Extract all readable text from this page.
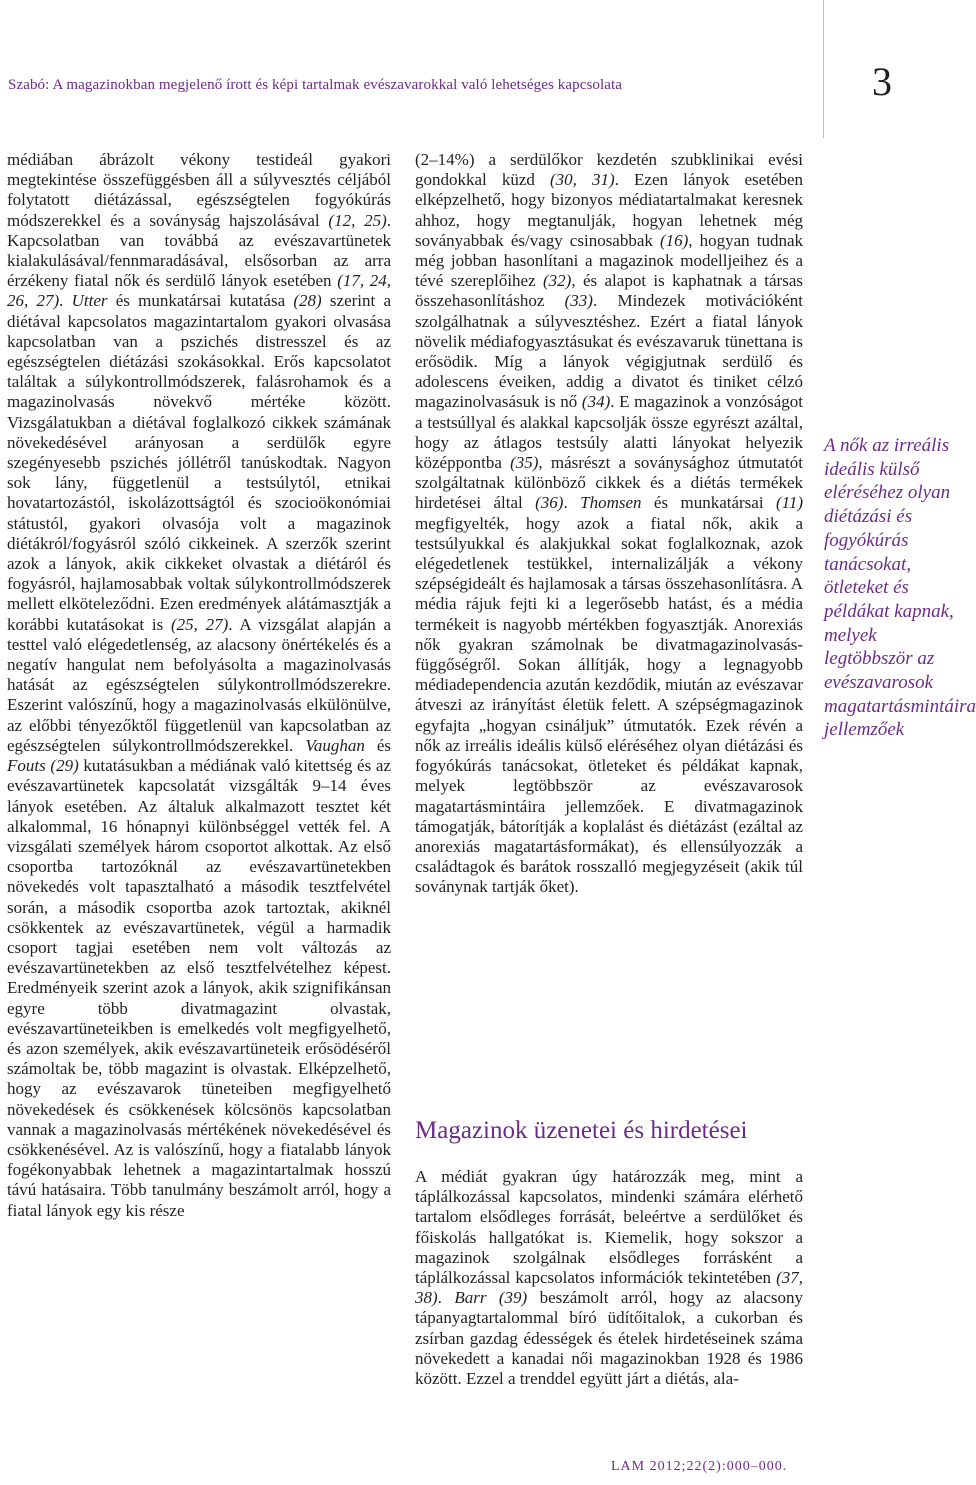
Szabó: A magazinokban megjelenő írott és képi tartalmak evészavarokkal való lehetséges kapcsolata	3

médiában ábrázolt vékony testideál gyakori megtekintése összefüggésben áll a súlyvesztés céljából folytatott diétázással, egészségtelen fogyókúrás módszerekkel és a soványság hajszolásával (12, 25). Kapcsolatban van továbbá az evészavartünetek kialakulásával/fennmaradásával, elsősorban az arra érzékeny fiatal nők és serdülő lányok esetében (17, 24, 26, 27). Utter és munkatársai kutatása (28) szerint a diétával kapcsolatos magazintartalom gyakori olvasása kapcsolatban van a pszichés distresszel és az egészségtelen diétázási szokásokkal. Erős kapcsolatot találtak a súlykontrollmódszerek, falásrohamok és a magazinolvasás növekvő mértéke között. Vizsgálatukban a diétával foglalkozó cikkek számának növekedésével arányosan a serdülők egyre szegényesebb pszichés jóllétről tanúskodtak. Nagyon sok lány, függetlenül a testsúlytól, etnikai hovatartozástól, iskolázottságtól és szocioökonómiai státustól, gyakori olvasója volt a magazinok diétákról/fogyásról szóló cikkeinek. A szerzők szerint azok a lányok, akik cikkeket olvastak a diétáról és fogyásról, hajlamosabbak voltak súlykontrollmódszerek mellett elköteleződni. Ezen eredmények alátámasztják a korábbi kutatásokat is (25, 27). A vizsgálat alapján a testtel való elégedetlenség, az alacsony önértékelés és a negatív hangulat nem befolyásolta a magazinolvasás hatását az egészségtelen súlykontrollmódszerekre. Eszerint valószínű, hogy a magazinolvasás elkülönülve, az előbbi tényezőktől függetlenül van kapcsolatban az egészségtelen súlykontrollmódszerekkel. Vaughan és Fouts (29) kutatásukban a médiának való kitettség és az evészavartünetek kapcsolatát vizsgálták 9–14 éves lányok esetében. Az általuk alkalmazott tesztet két alkalommal, 16 hónapnyi különbséggel vették fel. A vizsgálati személyek három csoportot alkottak. Az első csoportba tartozóknál az evészavartünetekben növekedés volt tapasztalható a második tesztfelvétel során, a második csoportba azok tartoztak, akiknél csökkentek az evészavartünetek, végül a harmadik csoport tagjai esetében nem volt változás az evészavartünetekben az első tesztfelvételhez képest. Eredményeik szerint azok a lányok, akik szignifikánsan egyre több divatmagazint olvastak, evészavartüneteikben is emelkedés volt megfigyelhető, és azon személyek, akik evészavartüneteik erősödéséről számoltak be, több magazint is olvastak. Elképzelhető, hogy az evészavarok tüneteiben megfigyelhető növekedések és csökkenések kölcsönös kapcsolatban vannak a magazinolvasás mértékének növekedésével és csökkenésével. Az is valószínű, hogy a fiatalabb lányok fogékonyabbak lehetnek a magazintartalmak hosszú távú hatásaira. Több tanulmány beszámolt arról, hogy a fiatal lányok egy kis része

(2–14%) a serdülőkor kezdetén szubklinikai evési gondokkal küzd (30, 31). Ezen lányok esetében elképzelhető, hogy bizonyos médiatartalmakat keresnek ahhoz, hogy megtanulják, hogyan lehetnek még soványabbak és/vagy csinosabbak (16), hogyan tudnak még jobban hasonlítani a magazinok modelljeihez és a tévé szereplőihez (32), és alapot is kaphatnak a társas összehasonlításhoz (33). Mindezek motivációként szolgálhatnak a súlyvesztéshez. Ezért a fiatal lányok növelik médiafogyasztásukat és evészavaruk tünettana is erősödik. Míg a lányok végigjutnak serdülő és adolescens éveiken, addig a divatot és tiniket célzó magazinolvasásuk is nő (34). E magazinok a vonzóságot a testsúllyal és alakkal kapcsolják össze egyrészt azáltal, hogy az átlagos testsúly alatti lányokat helyezik középpontba (35), másrészt a soványsághoz útmutatót szolgáltatnak különböző cikkek és a diétás termékek hirdetései által (36). Thomsen és munkatársai (11) megfigyelték, hogy azok a fiatal nők, akik a testsúlyukkal és alakjukkal sokat foglalkoznak, azok elégedetlenek testükkel, internalizálják a vékony szépségideált és hajlamosak a társas összehasonlításra. A média rájuk fejti ki a legerősebb hatást, és a média termékeit is nagyobb mértékben fogyasztják. Anorexiás nők gyakran számolnak be divatmagazinolvasás-függőségről. Sokan állítják, hogy a legnagyobb médiadependencia azután kezdődik, miután az evészavar átveszi az irányítást életük felett. A szépségmagazinok egyfajta „hogyan csináljuk” útmutatók. Ezek révén a nők az irreális ideális külső eléréséhez olyan diétázási és fogyókúrás tanácsokat, ötleteket és példákat kapnak, melyek legtöbbször az evészavarosok magatartásmintáira jellemzőek. E divatmagazinok támogatják, bátorítják a koplalást és diétázást (ezáltal az anorexiás magatartásformákat), és ellensúlyozzák a családtagok és barátok rosszalló megjegyzéseit (akik túl soványnak tartják őket).

Magazinok üzenetei és hirdetései

A médiát gyakran úgy határozzák meg, mint a táplálkozással kapcsolatos, mindenki számára elérhető tartalom elsődleges forrását, beleértve a serdülőket és főiskolás hallgatókat is. Kiemelik, hogy sokszor a magazinok szolgálnak elsődleges forrásként a táplálkozással kapcsolatos információk tekintetében (37, 38). Barr (39) beszámolt arról, hogy az alacsony tápanyagtartalommal bíró üdítőitalok, a cukorban és zsírban gazdag édességek és ételek hirdetéseinek száma növekedett a kanadai női magazinokban 1928 és 1986 között. Ezzel a trenddel együtt járt a diétás, ala-

A nők az irreális ideális külső eléréséhez olyan diétázási és fogyókúrás tanácsokat, ötleteket és példákat kapnak, melyek legtöbbször az evészavarosok magatartásmintáira jellemzőek
LAM 2012;22(2):000–000.
